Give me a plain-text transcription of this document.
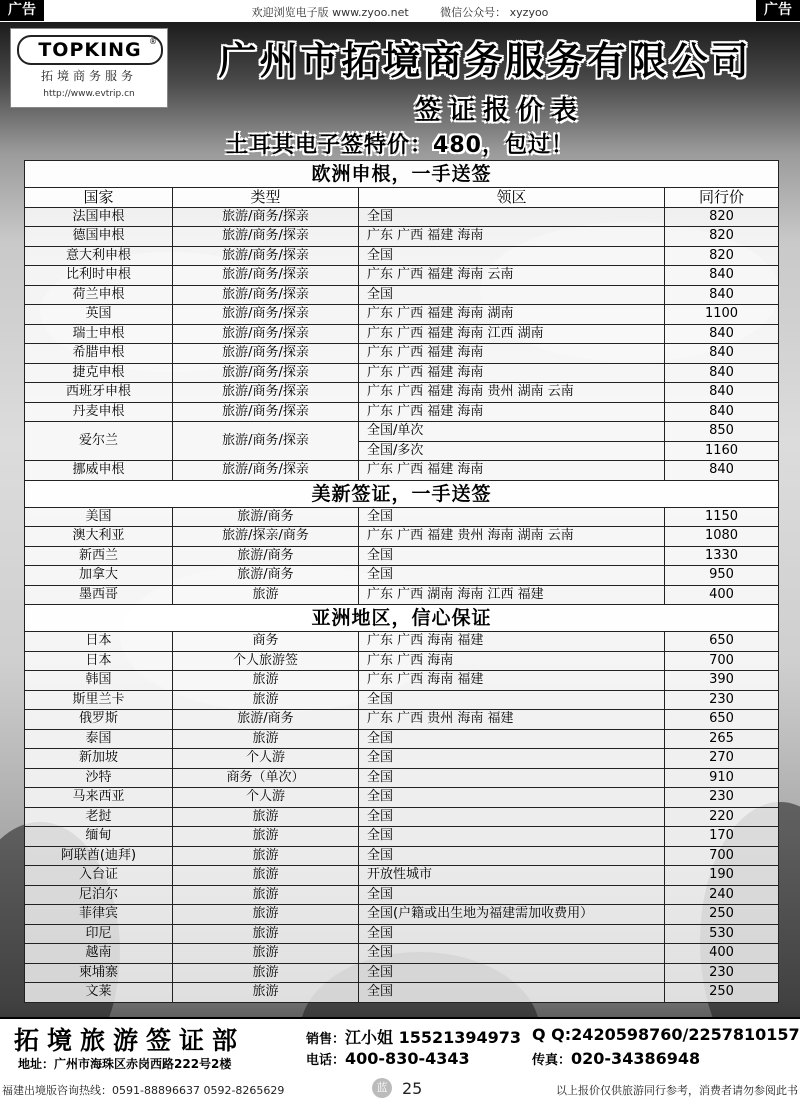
广告	欢迎浏览电子版 www.zyoo.net	微信公众号： xyzyoo	广告
TOPKING ®
拓境商务服务
http://www.evtrip.cn
广州市拓境商务服务有限公司
签证报价表
土耳其电子签特价：480，包过！
欧洲申根，一手送签			
国家	类型	领区	同行价
法国申根	旅游/商务/探亲	全国	820
德国申根	旅游/商务/探亲	广东 广西 福建 海南	820
意大利申根	旅游/商务/探亲	全国	820
比利时申根	旅游/商务/探亲	广东 广西 福建 海南 云南	840
荷兰申根	旅游/商务/探亲	全国	840
英国	旅游/商务/探亲	广东 广西 福建 海南 湖南	1100
瑞士申根	旅游/商务/探亲	广东 广西 福建 海南 江西 湖南	840
希腊申根	旅游/商务/探亲	广东 广西 福建 海南	840
捷克申根	旅游/商务/探亲	广东 广西 福建 海南	840
西班牙申根	旅游/商务/探亲	广东 广西 福建 海南 贵州 湖南 云南	840
丹麦申根	旅游/商务/探亲	广东 广西 福建 海南	840
爱尔兰	旅游/商务/探亲	全国/单次	850
		全国/多次	1160
挪威申根	旅游/商务/探亲	广东 广西 福建 海南	840
美新签证，一手送签			
美国	旅游/商务	全国	1150
澳大利亚	旅游/探亲/商务	广东 广西 福建 贵州 海南 湖南 云南	1080
新西兰	旅游/商务	全国	1330
加拿大	旅游/商务	全国	950
墨西哥	旅游	广东 广西 湖南 海南 江西 福建	400
亚洲地区，信心保证			
日本	商务	广东 广西 海南 福建	650
日本	个人旅游签	广东 广西 海南	700
韩国	旅游	广东 广西 海南 福建	390
斯里兰卡	旅游	全国	230
俄罗斯	旅游/商务	广东 广西 贵州 海南 福建	650
泰国	旅游	全国	265
新加坡	个人游	全国	270
沙特	商务（单次）	全国	910
马来西亚	个人游	全国	230
老挝	旅游	全国	220
缅甸	旅游	全国	170
阿联酋(迪拜)	旅游	全国	700
入台证	旅游	开放性城市	190
尼泊尔	旅游	全国	240
菲律宾	旅游	全国(户籍或出生地为福建需加收费用）	250
印尼	旅游	全国	530
越南	旅游	全国	400
柬埔寨	旅游	全国	230
文莱	旅游	全国	250
拓境旅游签证部
地址：广州市海珠区赤岗西路222号2楼
销售：江小姐 15521394973 Q Q:2420598760/2257810157
电话：400-830-4343	传真：020-34386948
福建出境版咨询热线：0591-88896637 0592-8265629	蓝 25	以上报价仅供旅游同行参考，消费者请勿参阅此书
